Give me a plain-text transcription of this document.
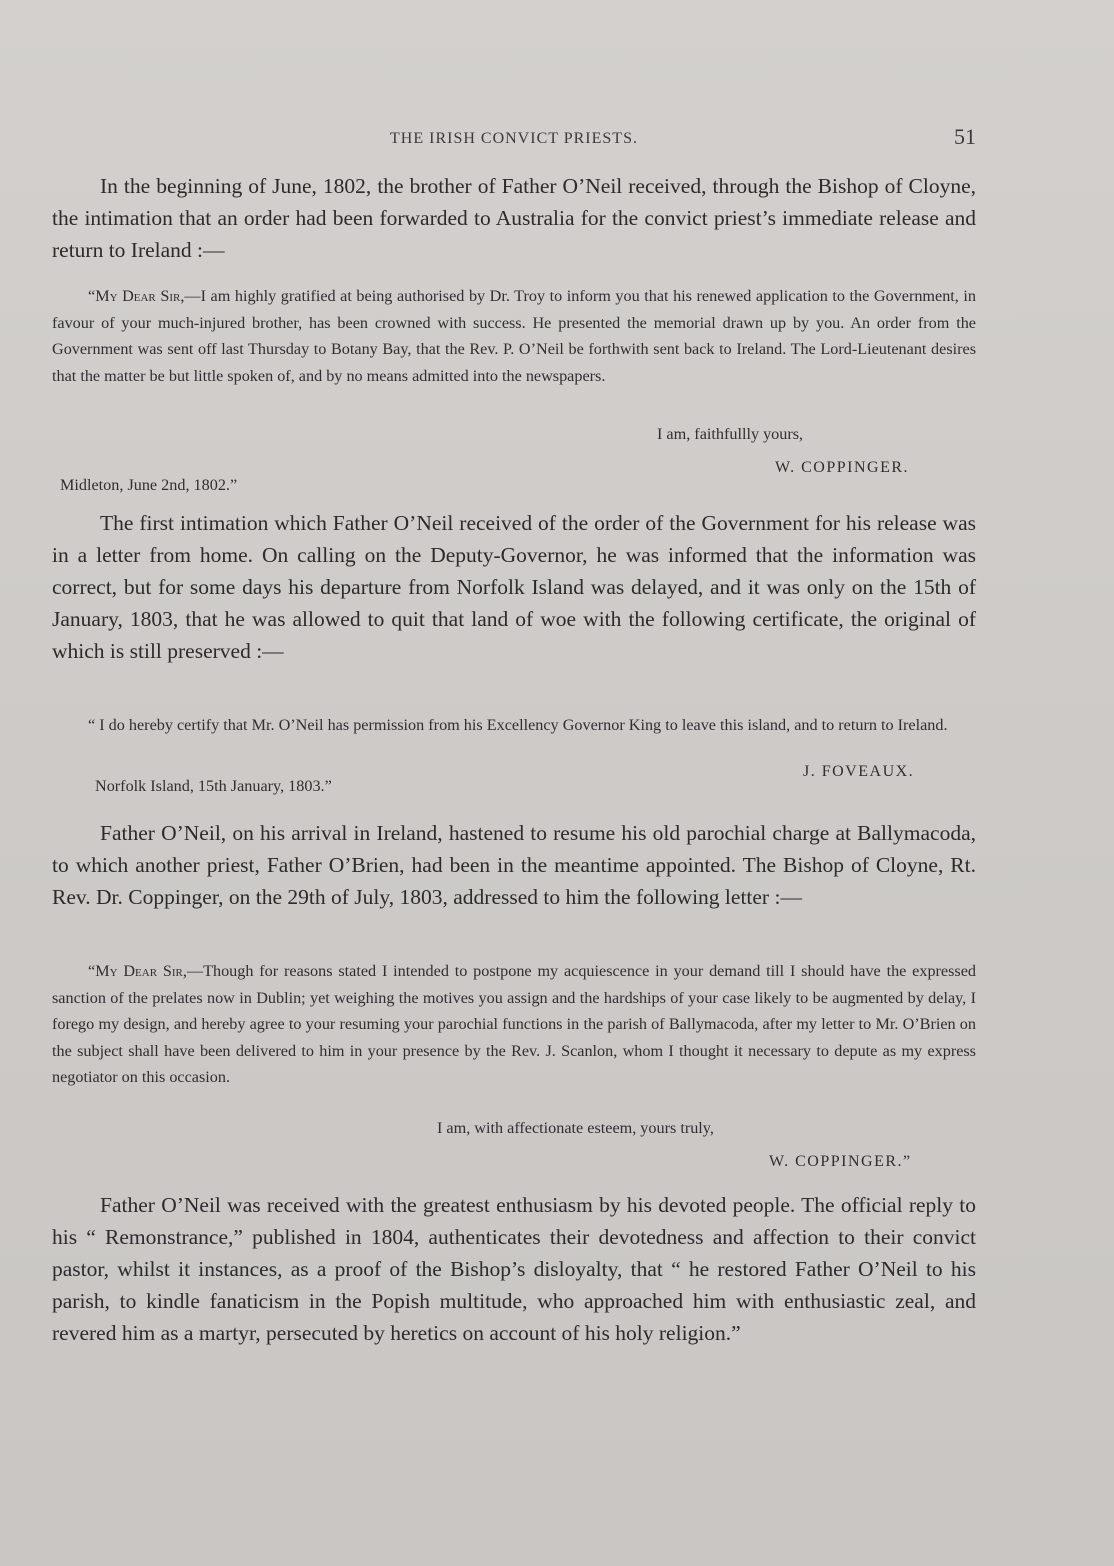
THE IRISH CONVICT PRIESTS.	51

In the beginning of June, 1802, the brother of Father O’Neil received, through the Bishop of Cloyne, the intimation that an order had been forwarded to Australia for the convict priest’s immediate release and return to Ireland :—

“My Dear Sir,—I am highly gratified at being authorised by Dr. Troy to inform you that his renewed application to the Government, in favour of your much-injured brother, has been crowned with success. He presented the memorial drawn up by you. An order from the Government was sent off last Thursday to Botany Bay, that the Rev. P. O’Neil be forthwith sent back to Ireland. The Lord-Lieutenant desires that the matter be but little spoken of, and by no means admitted into the newspapers.

I am, faithfullly yours,
W. COPPINGER.
Midleton, June 2nd, 1802.”

The first intimation which Father O’Neil received of the order of the Government for his release was in a letter from home. On calling on the Deputy-Governor, he was informed that the information was correct, but for some days his departure from Norfolk Island was delayed, and it was only on the 15th of January, 1803, that he was allowed to quit that land of woe with the following certificate, the original of which is still preserved :—

“ I do hereby certify that Mr. O’Neil has permission from his Excellency Governor King to leave this island, and to return to Ireland.

J. FOVEAUX.
Norfolk Island, 15th January, 1803.”

Father O’Neil, on his arrival in Ireland, hastened to resume his old parochial charge at Ballymacoda, to which another priest, Father O’Brien, had been in the meantime appointed. The Bishop of Cloyne, Rt. Rev. Dr. Coppinger, on the 29th of July, 1803, addressed to him the following letter :—

“My Dear Sir,—Though for reasons stated I intended to postpone my acquiescence in your demand till I should have the expressed sanction of the prelates now in Dublin; yet weighing the motives you assign and the hardships of your case likely to be augmented by delay, I forego my design, and hereby agree to your resuming your parochial functions in the parish of Ballymacoda, after my letter to Mr. O’Brien on the subject shall have been delivered to him in your presence by the Rev. J. Scanlon, whom I thought it necessary to depute as my express negotiator on this occasion.

I am, with affectionate esteem, yours truly,
W. COPPINGER.”

Father O’Neil was received with the greatest enthusiasm by his devoted people. The official reply to his “ Remonstrance,” published in 1804, authenticates their devotedness and affection to their convict pastor, whilst it instances, as a proof of the Bishop’s disloyalty, that “ he restored Father O’Neil to his parish, to kindle fanaticism in the Popish multitude, who approached him with enthusiastic zeal, and revered him as a martyr, persecuted by heretics on account of his holy religion.”
